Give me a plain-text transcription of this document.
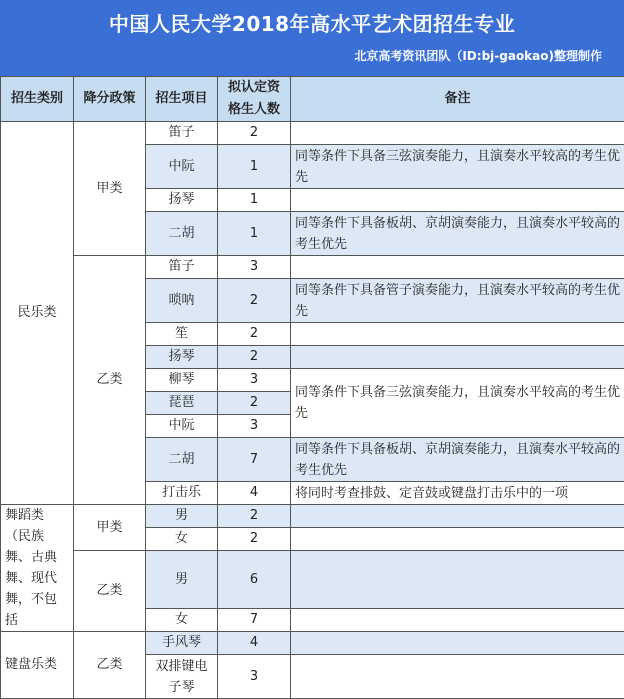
中国人民大学2018年高水平艺术团招生专业
北京高考资讯团队（ID:bj-gaokao)整理制作
招生类别	降分政策	招生项目	拟认定资格生人数	备注
民乐类	甲类	笛子	2	
		中阮	1	同等条件下具备三弦演奏能力，且演奏水平较高的考生优先
		扬琴	1	
		二胡	1	同等条件下具备板胡、京胡演奏能力，且演奏水平较高的考生优先
	乙类	笛子	3	
		唢呐	2	同等条件下具备管子演奏能力，且演奏水平较高的考生优先
		笙	2	
		扬琴	2	
		柳琴	3	同等条件下具备三弦演奏能力，且演奏水平较高的考生优先
		琵琶	2	
		中阮	3	
		二胡	7	同等条件下具备板胡、京胡演奏能力，且演奏水平较高的考生优先
		打击乐	4	将同时考查排鼓、定音鼓或键盘打击乐中的一项
舞蹈类（民族舞、古典舞、现代舞，不包括	甲类	男	2	
		女	2	
	乙类	男	6	
		女	7	
键盘乐类	乙类	手风琴	4	
		双排键电子琴	3	
